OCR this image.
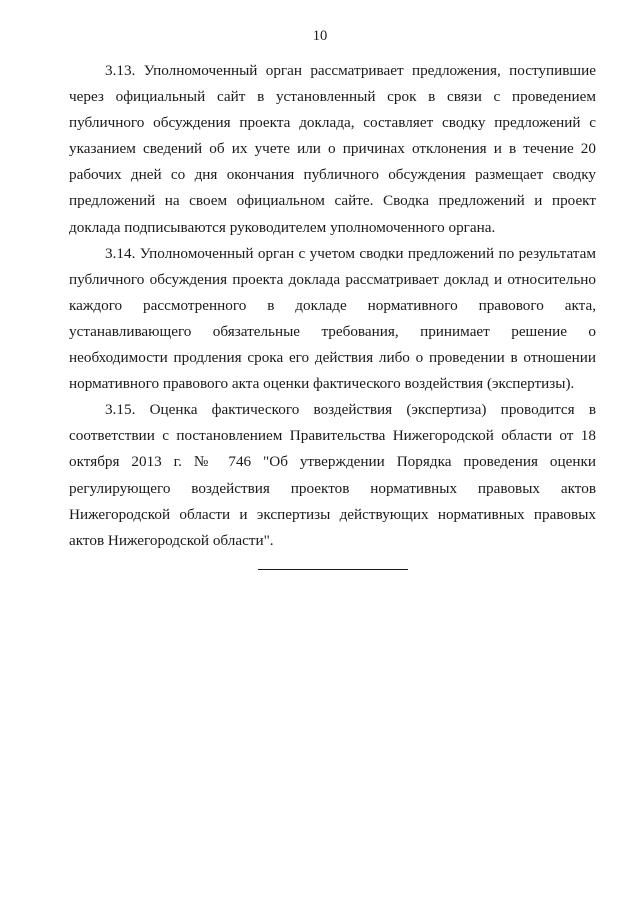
10

3.13. Уполномоченный орган рассматривает предложения, поступившие через официальный сайт в установленный срок в связи с проведением публичного обсуждения проекта доклада, составляет сводку предложений с указанием сведений об их учете или о причинах отклонения и в течение 20 рабочих дней со дня окончания публичного обсуждения размещает сводку предложений на своем официальном сайте. Сводка предложений и проект доклада подписываются руководителем уполномоченного органа.

3.14. Уполномоченный орган с учетом сводки предложений по результатам публичного обсуждения проекта доклада рассматривает доклад и относительно каждого рассмотренного в докладе нормативного правового акта, устанавливающего обязательные требования, принимает решение о необходимости продления срока его действия либо о проведении в отношении нормативного правового акта оценки фактического воздействия (экспертизы).

3.15. Оценка фактического воздействия (экспертиза) проводится в соответствии с постановлением Правительства Нижегородской области от 18 октября 2013 г. № 746 "Об утверждении Порядка проведения оценки регулирующего воздействия проектов нормативных правовых актов Нижегородской области и экспертизы действующих нормативных правовых актов Нижегородской области".
